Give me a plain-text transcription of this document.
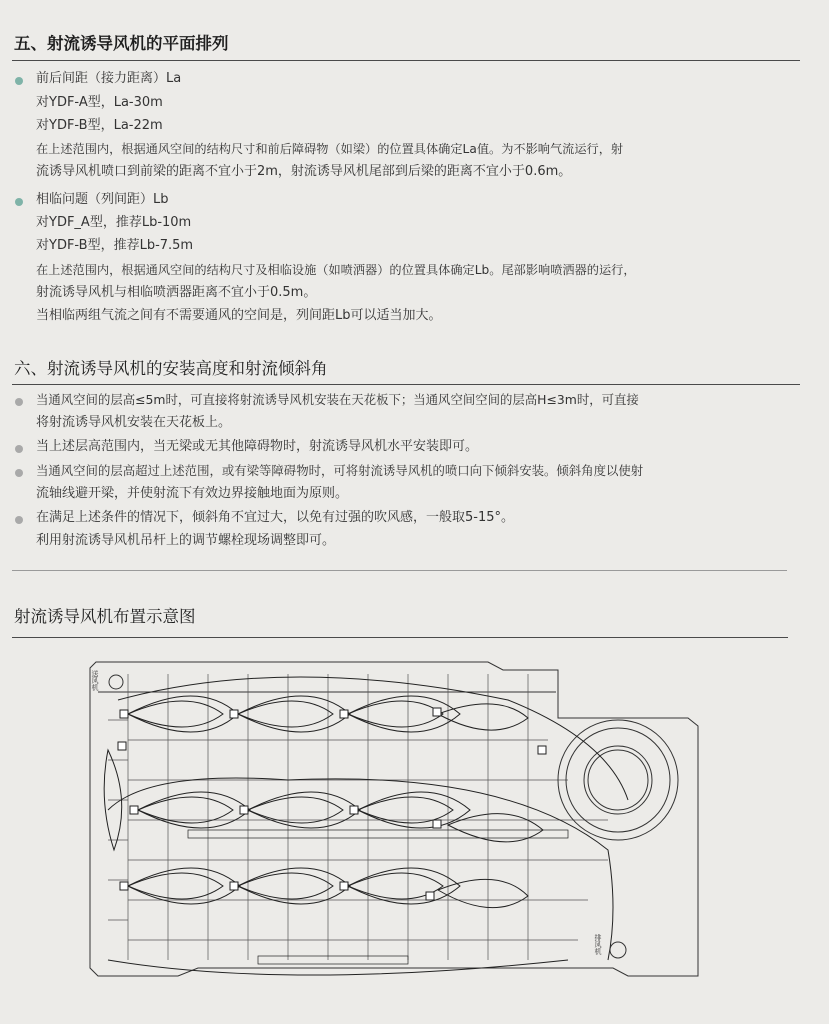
五、射流诱导风机的平面排列
前后间距（接力距离）La
对YDF-A型，La-30m
对YDF-B型，La-22m
在上述范围内，根据通风空间的结构尺寸和前后障碍物（如梁）的位置具体确定La值。为不影响气流运行，射
流诱导风机喷口到前梁的距离不宜小于2m，射流诱导风机尾部到后梁的距离不宜小于0.6m。
相临问题（列间距）Lb
对YDF_A型，推荐Lb-10m
对YDF-B型，推荐Lb-7.5m
在上述范围内，根据通风空间的结构尺寸及相临设施（如喷洒器）的位置具体确定Lb。尾部影响喷洒器的运行，
射流诱导风机与相临喷洒器距离不宜小于0.5m。
当相临两组气流之间有不需要通风的空间是，列间距Lb可以适当加大。
六、射流诱导风机的安装高度和射流倾斜角
当通风空间的层高≤5m时，可直接将射流诱导风机安装在天花板下；当通风空间空间的层高H≤3m时，可直接
将射流诱导风机安装在天花板上。
当上述层高范围内，当无梁或无其他障碍物时，射流诱导风机水平安装即可。
当通风空间的层高超过上述范围，或有梁等障碍物时，可将射流诱导风机的喷口向下倾斜安装。倾斜角度以使射
流轴线避开梁，并使射流下有效边界接触地面为原则。
在满足上述条件的情况下，倾斜角不宜过大，以免有过强的吹风感，一般取5-15°。
利用射流诱导风机吊杆上的调节螺栓现场调整即可。
射流诱导风机布置示意图
送风机
排风机
